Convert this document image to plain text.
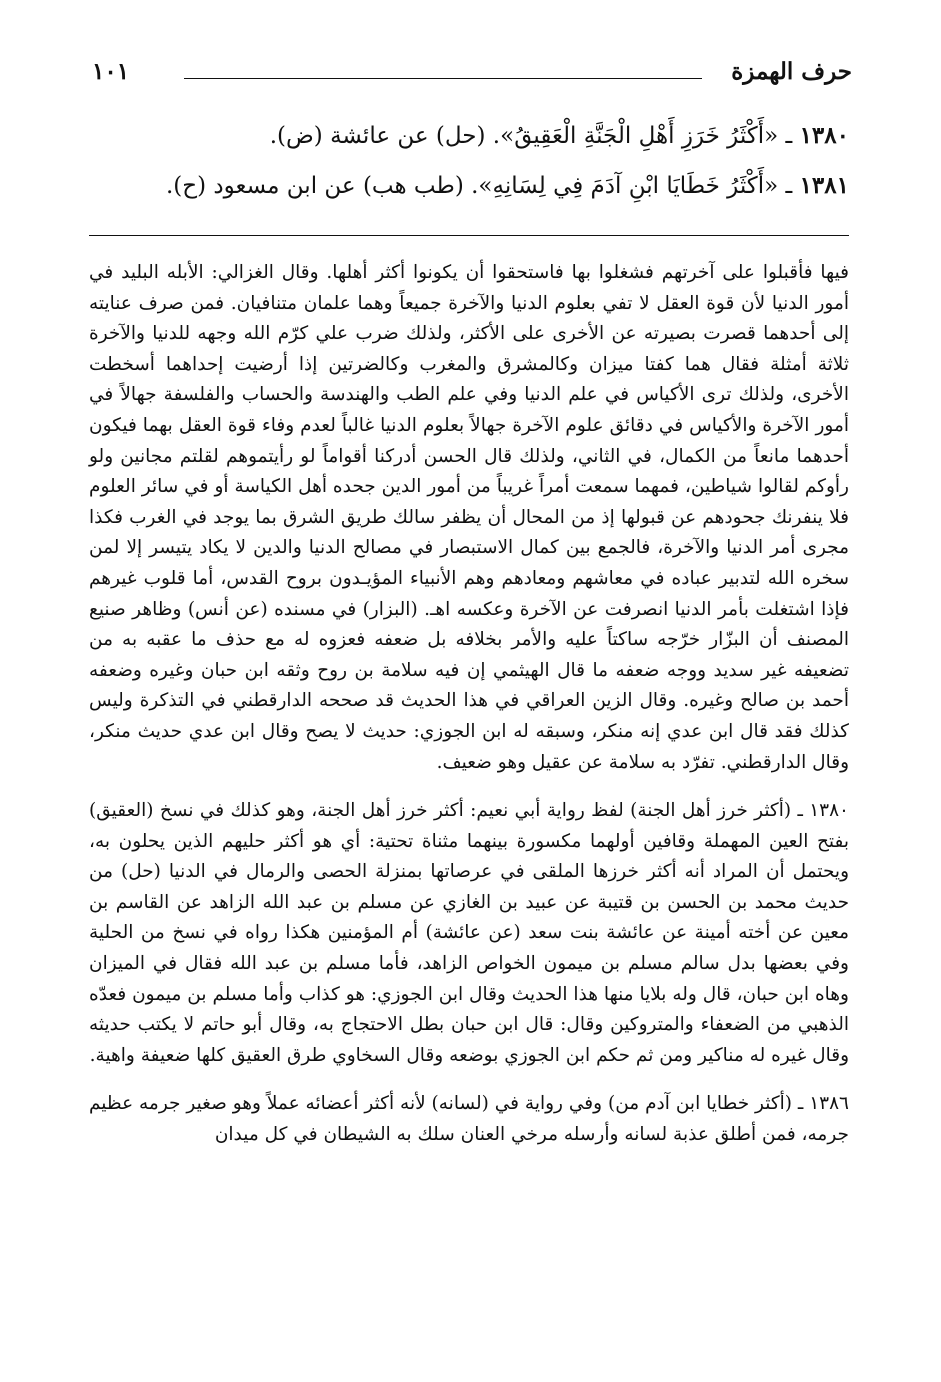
حرف الهمزة
١٠١
١٣٨٠ ـ «أَكْثَرُ خَرَزِ أَهْلِ الْجَنَّةِ الْعَقِيقُ». (حل) عن عائشة (ض).
١٣٨١ ـ «أَكْثَرُ خَطَايَا ابْنِ آدَمَ فِي لِسَانِهِ». (طب هب) عن ابن مسعود (ح).

فيها فأقبلوا على آخرتهم فشغلوا بها فاستحقوا أن يكونوا أكثر أهلها. وقال الغزالي: الأبله البليد في أمور الدنيا لأن قوة العقل لا تفي بعلوم الدنيا والآخرة جميعاً وهما علمان متنافيان. فمن صرف عنايته إلى أحدهما قصرت بصيرته عن الأخرى على الأكثر، ولذلك ضرب علي كرّم الله وجهه للدنيا والآخرة ثلاثة أمثلة فقال هما كفتا ميزان وكالمشرق والمغرب وكالضرتين إذا أرضيت إحداهما أسخطت الأخرى، ولذلك ترى الأكياس في علم الدنيا وفي علم الطب والهندسة والحساب والفلسفة جهالاً في أمور الآخرة والأكياس في دقائق علوم الآخرة جهالاً بعلوم الدنيا غالباً لعدم وفاء قوة العقل بهما فيكون أحدهما مانعاً من الكمال، في الثاني، ولذلك قال الحسن أدركنا أقواماً لو رأيتموهم لقلتم مجانين ولو رأوكم لقالوا شياطين، فمهما سمعت أمراً غريباً من أمور الدين جحده أهل الكياسة أو في سائر العلوم فلا ينفرنك جحودهم عن قبولها إذ من المحال أن يظفر سالك طريق الشرق بما يوجد في الغرب فكذا مجرى أمر الدنيا والآخرة، فالجمع بين كمال الاستبصار في مصالح الدنيا والدين لا يكاد يتيسر إلا لمن سخره الله لتدبير عباده في معاشهم ومعادهم وهم الأنبياء المؤيـدون بروح القدس، أما قلوب غيرهم فإذا اشتغلت بأمر الدنيا انصرفت عن الآخرة وعكسه اهـ. (البزار) في مسنده (عن أنس) وظاهر صنيع المصنف أن البزّار خرّجه ساكتاً عليه والأمر بخلافه بل ضعفه فعزوه له مع حذف ما عقبه به من تضعيفه غير سديد ووجه ضعفه ما قال الهيثمي إن فيه سلامة بن روح وثقه ابن حبان وغيره وضعفه أحمد بن صالح وغيره. وقال الزين العراقي في هذا الحديث قد صححه الدارقطني في التذكرة وليس كذلك فقد قال ابن عدي إنه منكر، وسبقه له ابن الجوزي: حديث لا يصح وقال ابن عدي حديث منكر، وقال الدارقطني. تفرّد به سلامة عن عقيل وهو ضعيف.

١٣٨٠ ـ (أكثر خرز أهل الجنة) لفظ رواية أبي نعيم: أكثر خرز أهل الجنة، وهو كذلك في نسخ (العقيق) بفتح العين المهملة وقافين أولهما مكسورة بينهما مثناة تحتية: أي هو أكثر حليهم الذين يحلون به، ويحتمل أن المراد أنه أكثر خرزها الملقى في عرصاتها بمنزلة الحصى والرمال في الدنيا (حل) من حديث محمد بن الحسن بن قتيبة عن عبيد بن الغازي عن مسلم بن عبد الله الزاهد عن القاسم بن معين عن أخته أمينة عن عائشة بنت سعد (عن عائشة) أم المؤمنين هكذا رواه في نسخ من الحلية وفي بعضها بدل سالم مسلم بن ميمون الخواص الزاهد، فأما مسلم بن عبد الله فقال في الميزان وهاه ابن حبان، قال وله بلايا منها هذا الحديث وقال ابن الجوزي: هو كذاب وأما مسلم بن ميمون فعدّه الذهبي من الضعفاء والمتروكين وقال: قال ابن حبان بطل الاحتجاج به، وقال أبو حاتم لا يكتب حديثه وقال غيره له مناكير ومن ثم حكم ابن الجوزي بوضعه وقال السخاوي طرق العقيق كلها ضعيفة واهية.

١٣٨٦ ـ (أكثر خطايا ابن آدم من) وفي رواية في (لسانه) لأنه أكثر أعضائه عملاً وهو صغير جرمه عظيم جرمه، فمن أطلق عذبة لسانه وأرسله مرخي العنان سلك به الشيطان في كل ميدان
